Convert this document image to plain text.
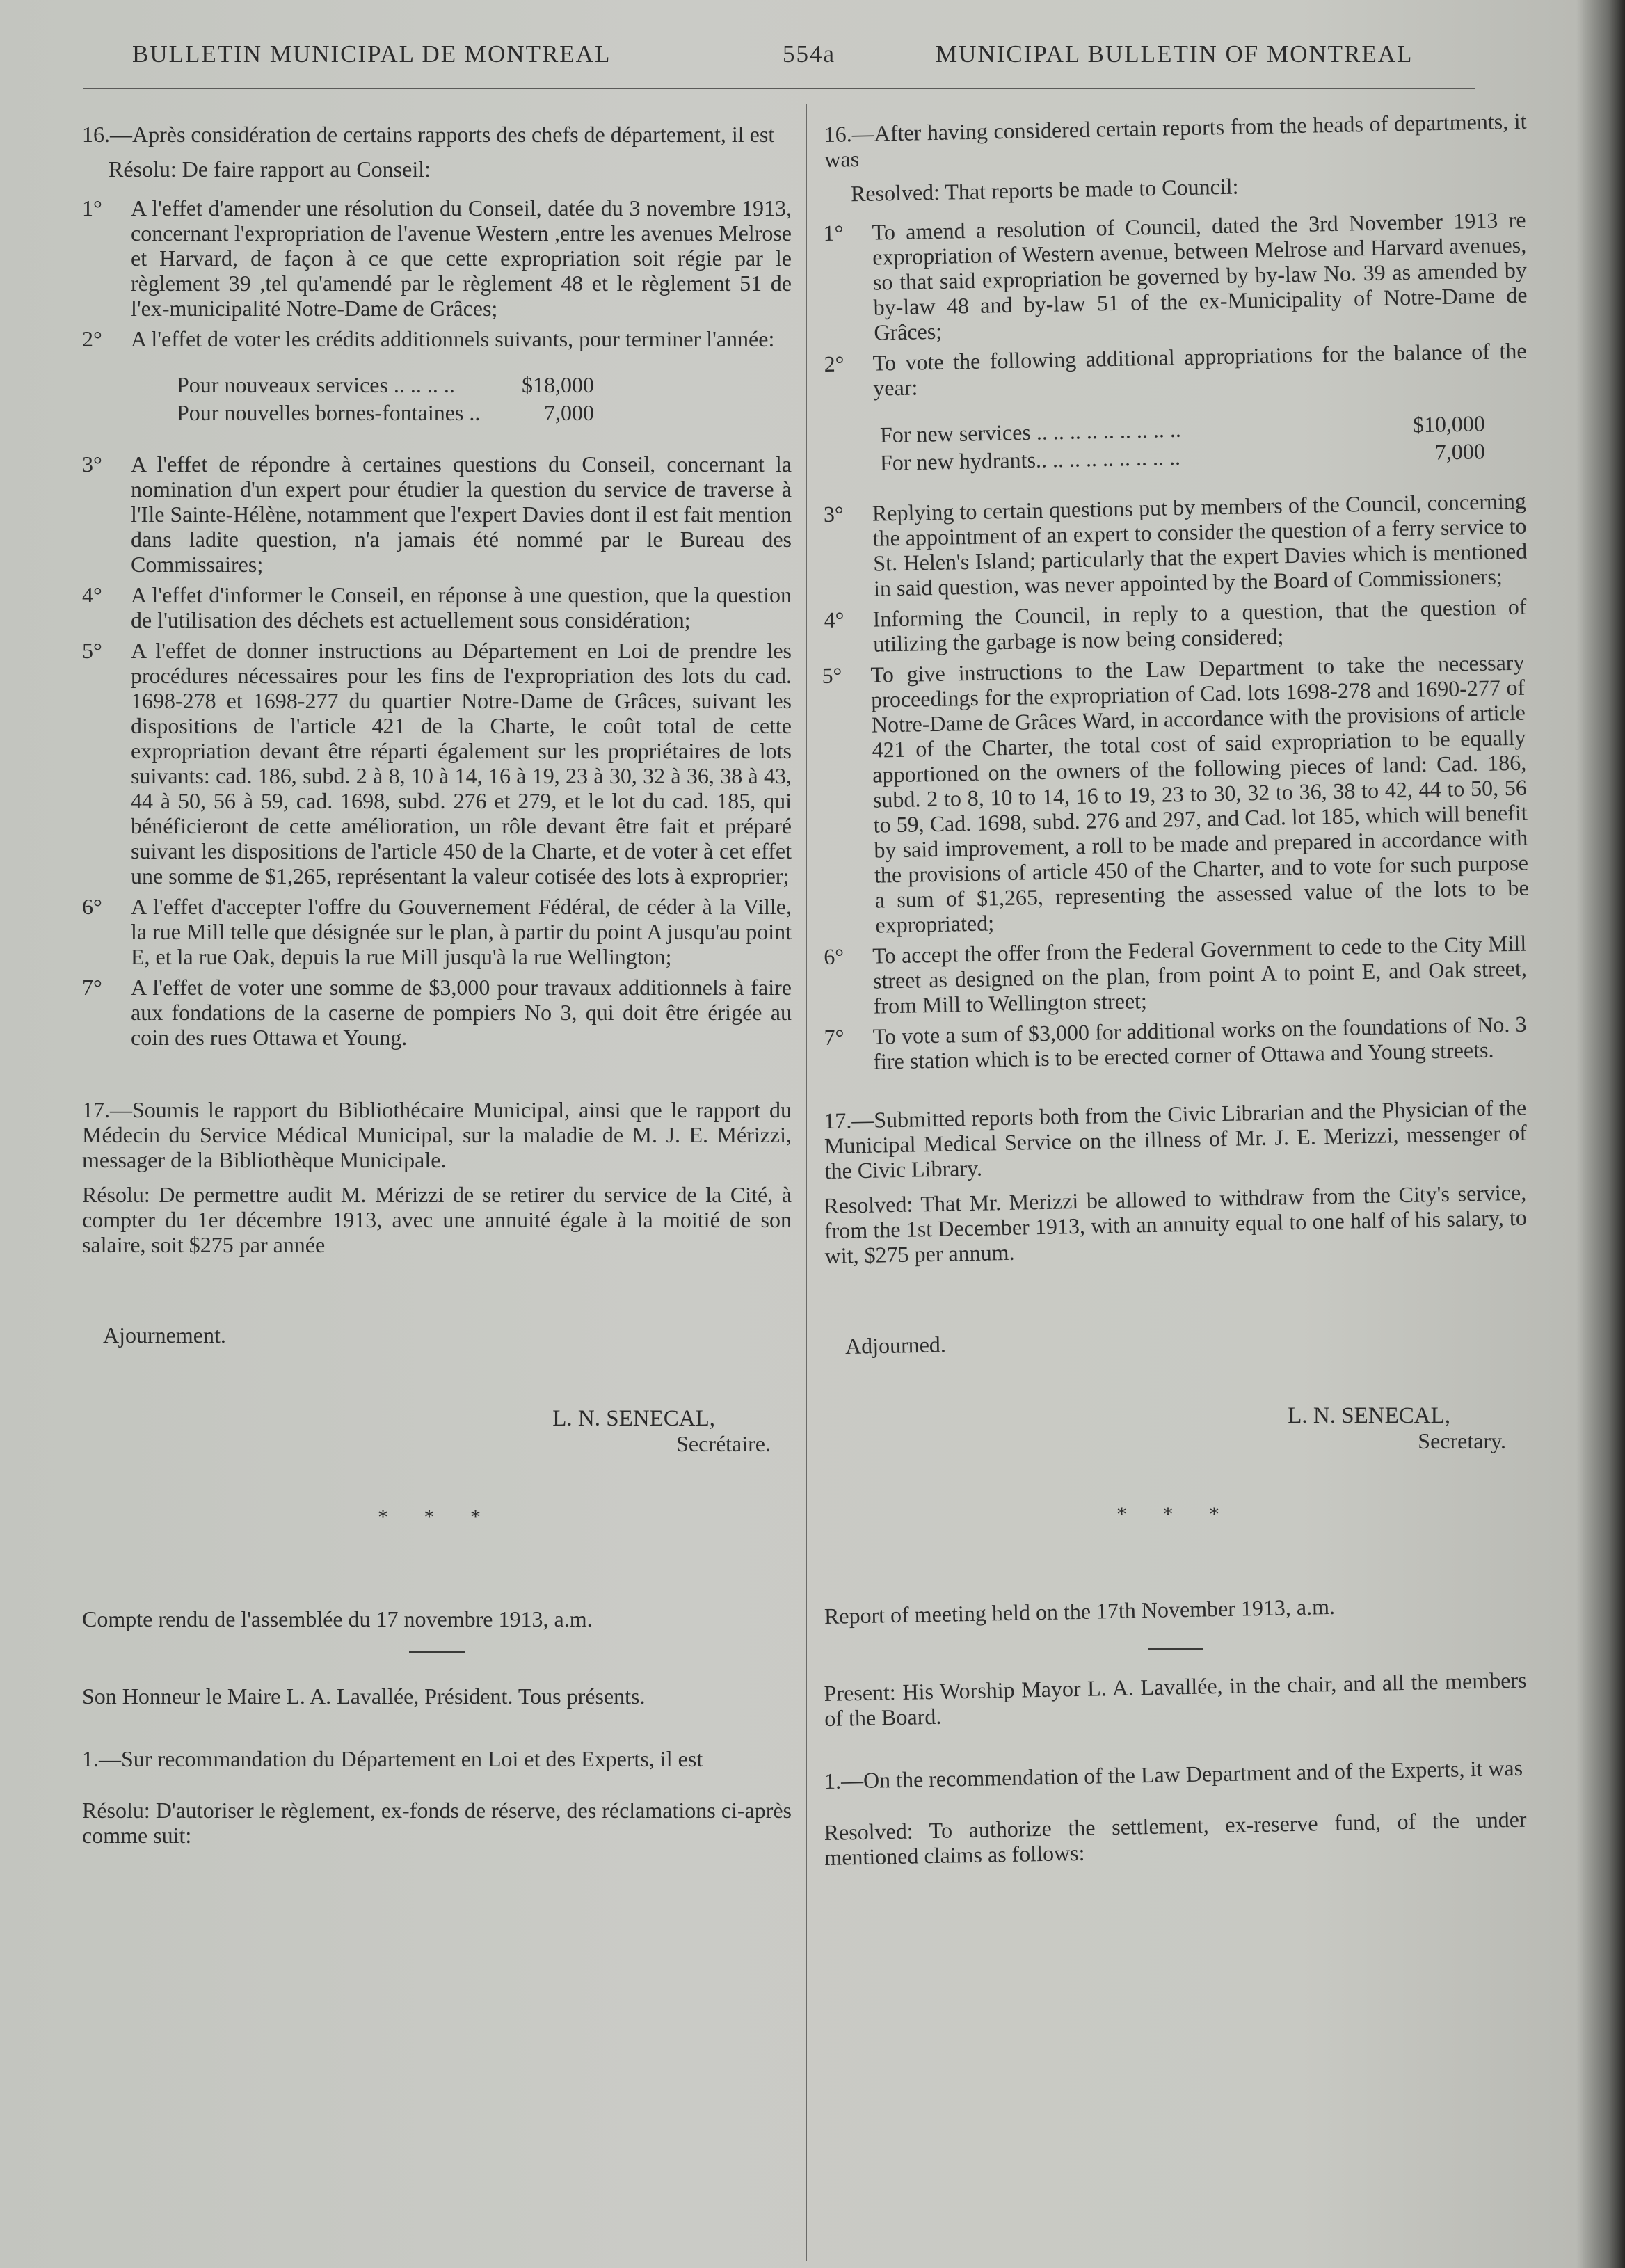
BULLETIN MUNICIPAL DE MONTREAL	554a	MUNICIPAL BULLETIN OF MONTREAL

16.—Après considération de certains rapports des chefs de département, il est

Résolu: De faire rapport au Conseil:

1° A l'effet d'amender une résolution du Conseil, datée du 3 novembre 1913, concernant l'expropriation de l'avenue Western ,entre les avenues Melrose et Harvard, de façon à ce que cette expropriation soit régie par le règlement 39 ,tel qu'amendé par le règlement 48 et le règlement 51 de l'ex-municipalité Notre-Dame de Grâces;
2° A l'effet de voter les crédits additionnels suivants, pour terminer l'année:
Pour nouveaux services .. .. .. ..	$18,000
Pour nouvelles bornes-fontaines ..	7,000
3° A l'effet de répondre à certaines questions du Conseil, concernant la nomination d'un expert pour étudier la question du service de traverse à l'Ile Sainte-Hélène, notamment que l'expert Davies dont il est fait mention dans ladite question, n'a jamais été nommé par le Bureau des Commissaires;
4° A l'effet d'informer le Conseil, en réponse à une question, que la question de l'utilisation des déchets est actuellement sous considération;
5° A l'effet de donner instructions au Département en Loi de prendre les procédures nécessaires pour les fins de l'expropriation des lots du cad. 1698-278 et 1698-277 du quartier Notre-Dame de Grâces, suivant les dispositions de l'article 421 de la Charte, le coût total de cette expropriation devant être réparti également sur les propriétaires de lots suivants: cad. 186, subd. 2 à 8, 10 à 14, 16 à 19, 23 à 30, 32 à 36, 38 à 43, 44 à 50, 56 à 59, cad. 1698, subd. 276 et 279, et le lot du cad. 185, qui bénéficieront de cette amélioration, un rôle devant être fait et préparé suivant les dispositions de l'article 450 de la Charte, et de voter à cet effet une somme de $1,265, représentant la valeur cotisée des lots à exproprier;
6° A l'effet d'accepter l'offre du Gouvernement Fédéral, de céder à la Ville, la rue Mill telle que désignée sur le plan, à partir du point A jusqu'au point E, et la rue Oak, depuis la rue Mill jusqu'à la rue Wellington;
7° A l'effet de voter une somme de $3,000 pour travaux additionnels à faire aux fondations de la caserne de pompiers No 3, qui doit être érigée au coin des rues Ottawa et Young.

17.—Soumis le rapport du Bibliothécaire Municipal, ainsi que le rapport du Médecin du Service Médical Municipal, sur la maladie de M. J. E. Mérizzi, messager de la Bibliothèque Municipale.

Résolu: De permettre audit M. Mérizzi de se retirer du service de la Cité, à compter du 1er décembre 1913, avec une annuité égale à la moitié de son salaire, soit $275 par année

Ajournement.

L. N. SENECAL,
Secrétaire.
* * *

Compte rendu de l'assemblée du 17 novembre 1913, a.m.

Son Honneur le Maire L. A. Lavallée, Président. Tous présents.

1.—Sur recommandation du Département en Loi et des Experts, il est

Résolu: D'autoriser le règlement, ex-fonds de réserve, des réclamations ci-après comme suit:

16.—After having considered certain reports from the heads of departments, it was

Resolved: That reports be made to Council:

1° To amend a resolution of Council, dated the 3rd November 1913 re expropriation of Western avenue, between Melrose and Harvard avenues, so that said expropriation be governed by by-law No. 39 as amended by by-law 48 and by-law 51 of the ex-Municipality of Notre-Dame de Grâces;
2° To vote the following additional appropriations for the balance of the year:
For new services .. .. .. .. .. .. .. .. ..	$10,000
For new hydrants.. .. .. .. .. .. .. .. ..	7,000
3° Replying to certain questions put by members of the Council, concerning the appointment of an expert to consider the question of a ferry service to St. Helen's Island; particularly that the expert Davies which is mentioned in said question, was never appointed by the Board of Commissioners;
4° Informing the Council, in reply to a question, that the question of utilizing the garbage is now being considered;
5° To give instructions to the Law Department to take the necessary proceedings for the expropriation of Cad. lots 1698-278 and 1690-277 of Notre-Dame de Grâces Ward, in accordance with the provisions of article 421 of the Charter, the total cost of said expropriation to be equally apportioned on the owners of the following pieces of land: Cad. 186, subd. 2 to 8, 10 to 14, 16 to 19, 23 to 30, 32 to 36, 38 to 42, 44 to 50, 56 to 59, Cad. 1698, subd. 276 and 297, and Cad. lot 185, which will benefit by said improvement, a roll to be made and prepared in accordance with the provisions of article 450 of the Charter, and to vote for such purpose a sum of $1,265, representing the assessed value of the lots to be expropriated;
6° To accept the offer from the Federal Government to cede to the City Mill street as designed on the plan, from point A to point E, and Oak street, from Mill to Wellington street;
7° To vote a sum of $3,000 for additional works on the foundations of No. 3 fire station which is to be erected corner of Ottawa and Young streets.

17.—Submitted reports both from the Civic Librarian and the Physician of the Municipal Medical Service on the illness of Mr. J. E. Merizzi, messenger of the Civic Library.

Resolved: That Mr. Merizzi be allowed to withdraw from the City's service, from the 1st December 1913, with an annuity equal to one half of his salary, to wit, $275 per annum.

Adjourned.

L. N. SENECAL,
Secretary.
* * *

Report of meeting held on the 17th November 1913, a.m.

Present: His Worship Mayor L. A. Lavallée, in the chair, and all the members of the Board.

1.—On the recommendation of the Law Department and of the Experts, it was

Resolved: To authorize the settlement, ex-reserve fund, of the under mentioned claims as follows:
